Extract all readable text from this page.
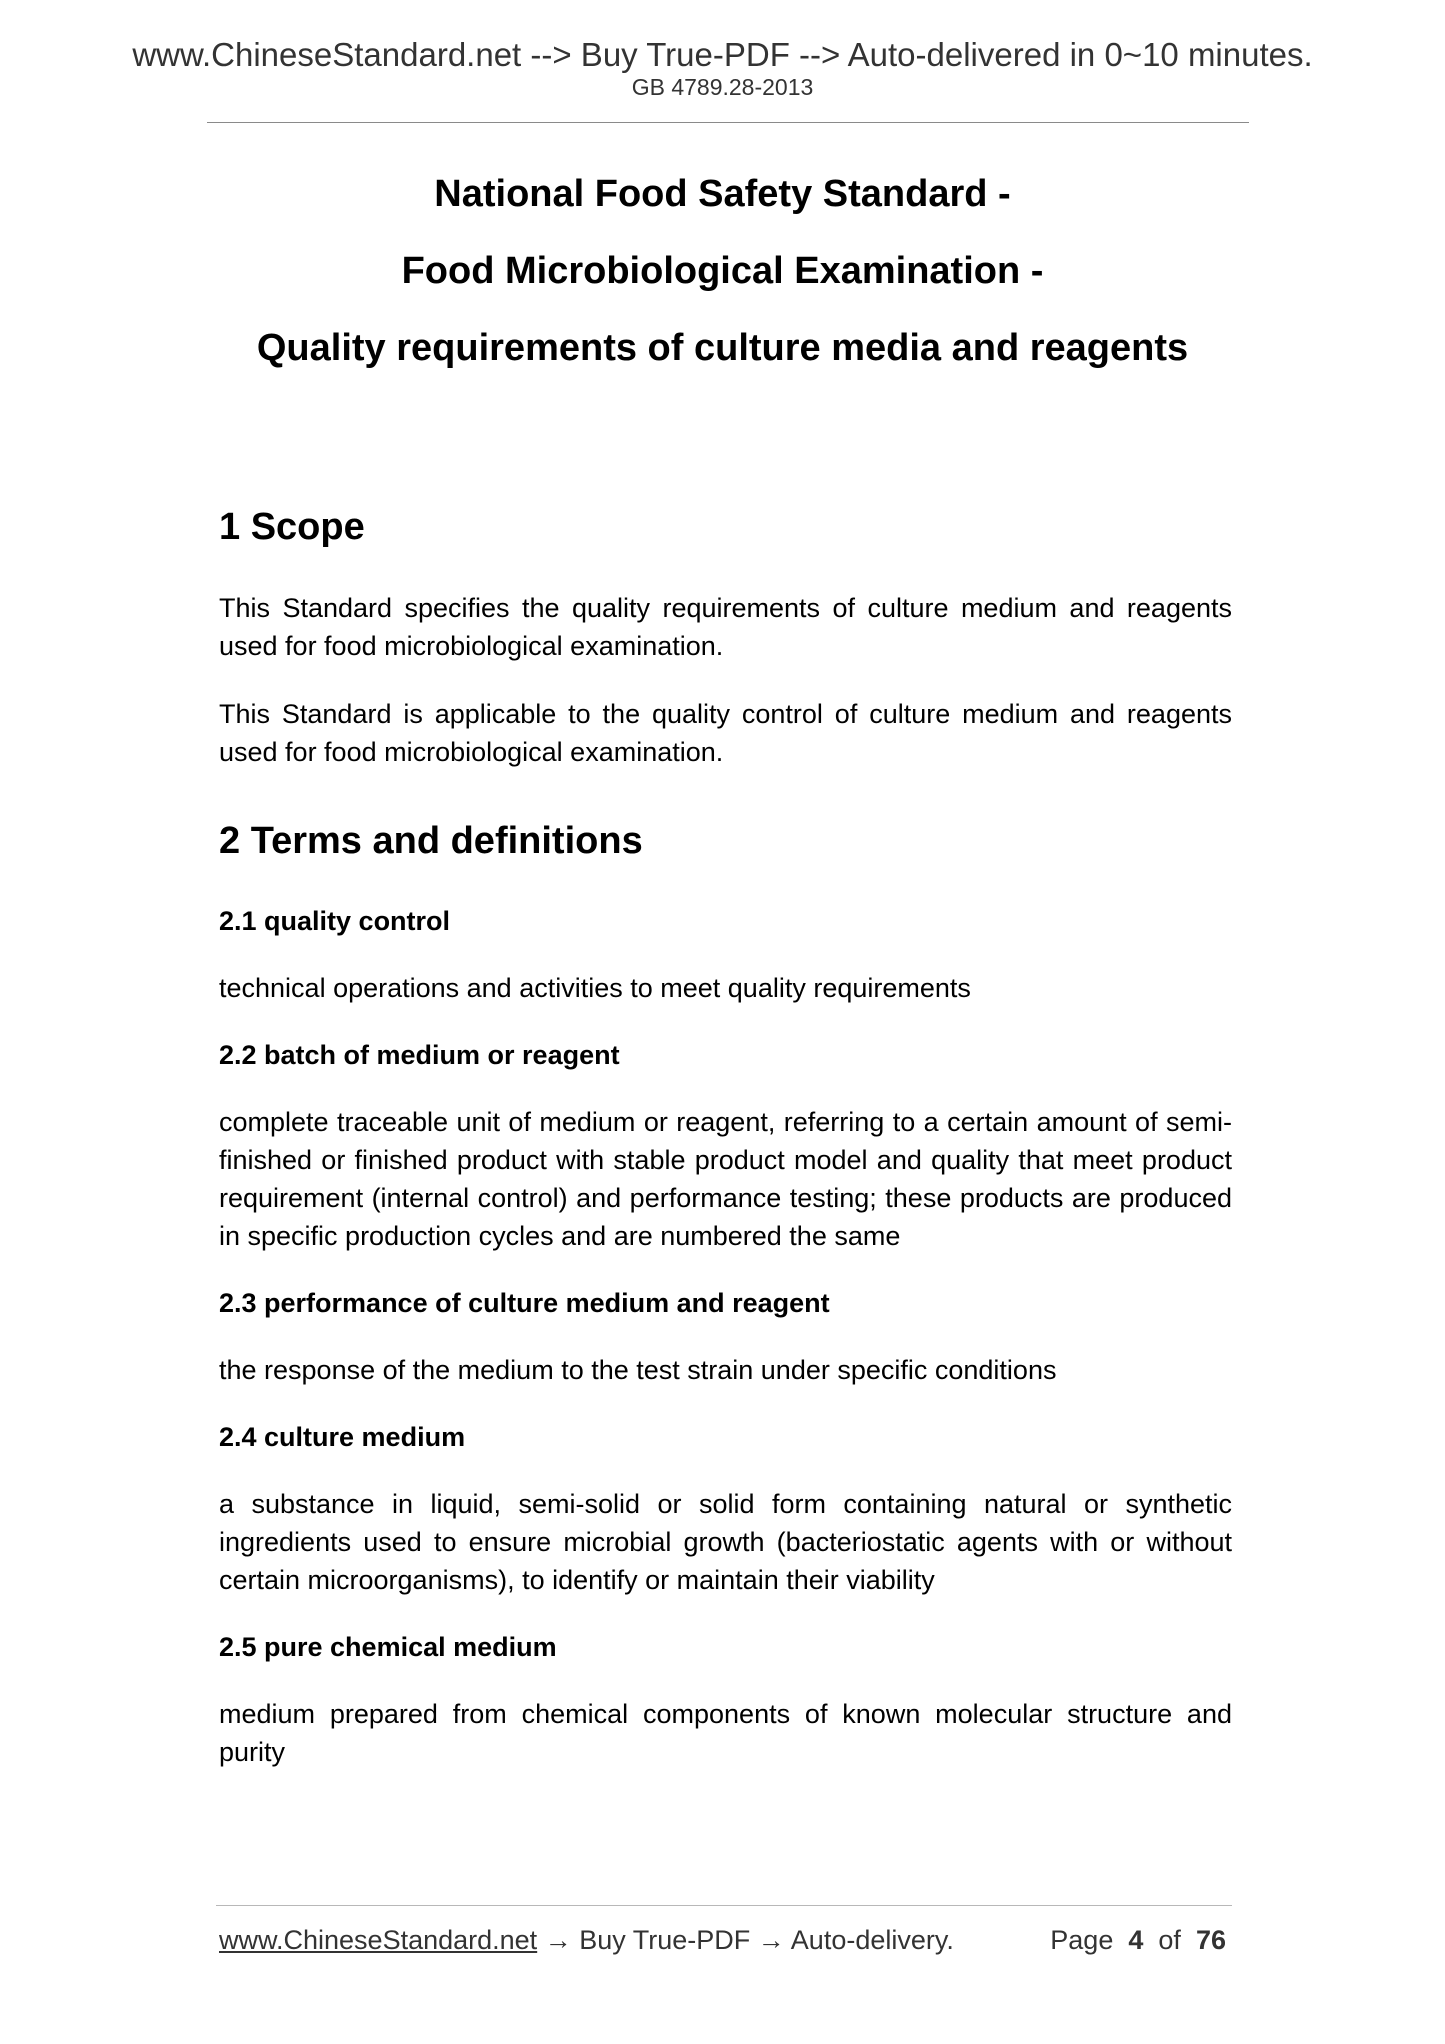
www.ChineseStandard.net --> Buy True-PDF --> Auto-delivered in 0~10 minutes.
GB 4789.28-2013
National Food Safety Standard -
Food Microbiological Examination -
Quality requirements of culture media and reagents
1 Scope

This Standard specifies the quality requirements of culture medium and reagents used for food microbiological examination.

This Standard is applicable to the quality control of culture medium and reagents used for food microbiological examination.

2 Terms and definitions
2.1 quality control

technical operations and activities to meet quality requirements

2.2 batch of medium or reagent

complete traceable unit of medium or reagent, referring to a certain amount of semi-finished or finished product with stable product model and quality that meet product requirement (internal control) and performance testing; these products are produced in specific production cycles and are numbered the same

2.3 performance of culture medium and reagent

the response of the medium to the test strain under specific conditions

2.4 culture medium

a substance in liquid, semi-solid or solid form containing natural or synthetic ingredients used to ensure microbial growth (bacteriostatic agents with or without certain microorganisms), to identify or maintain their viability

2.5 pure chemical medium

medium prepared from chemical components of known molecular structure and purity

www.ChineseStandard.net → Buy True-PDF → Auto-delivery.	Page 4 of 76
